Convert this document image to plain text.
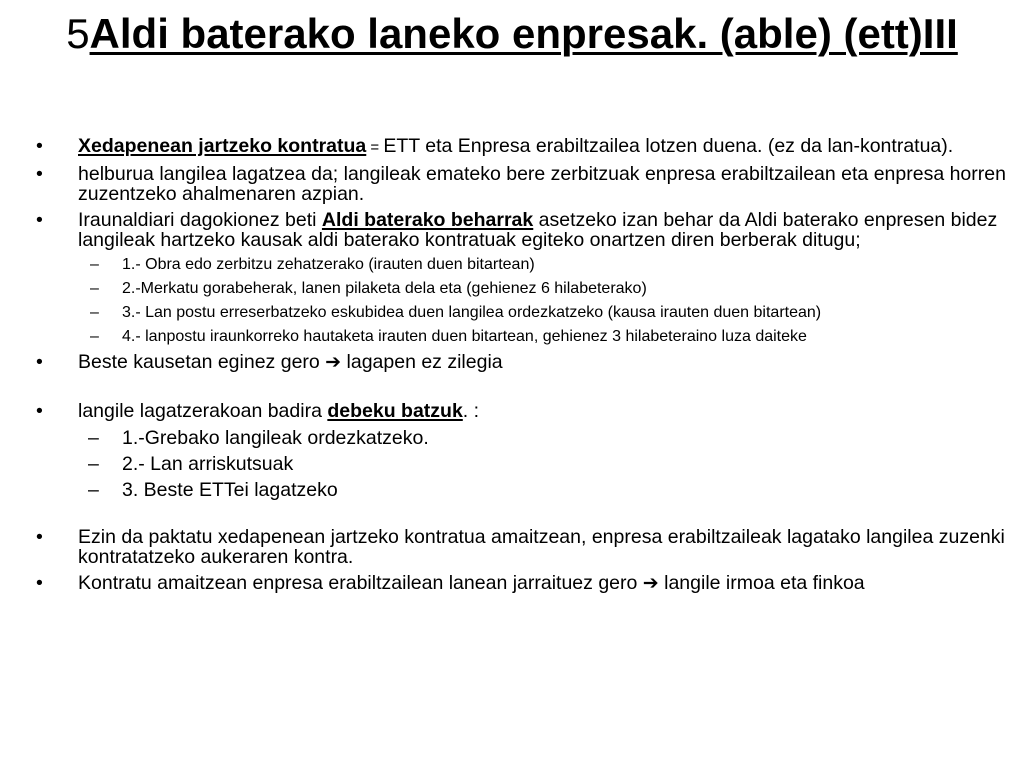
5Aldi baterako laneko enpresak. (able) (ett)III
• Xedapenean jartzeko kontratua = ETT eta Enpresa erabiltzailea lotzen duena. (ez da lan-kontratua).
• helburua langilea lagatzea da; langileak emateko bere zerbitzuak enpresa erabiltzailean eta enpresa horren zuzentzeko ahalmenaren azpian.
• Iraunaldiari dagokionez beti Aldi baterako beharrak asetzeko izan behar da Aldi baterako enpresen bidez langileak hartzeko kausak aldi baterako kontratuak egiteko onartzen diren berberak ditugu;
– 1.- Obra edo zerbitzu zehatzerako (irauten duen bitartean)
– 2.-Merkatu gorabeherak, lanen pilaketa dela eta (gehienez 6 hilabeterako)
– 3.- Lan postu erreserbatzeko eskubidea duen langilea ordezkatzeko (kausa irauten duen bitartean)
– 4.- lanpostu iraunkorreko hautaketa irauten duen bitartean, gehienez 3 hilabeteraino luza daiteke
• Beste kausetan eginez gero ➔ lagapen ez zilegia
• langile lagatzerakoan badira debeku batzuk. :
– 1.-Grebako langileak ordezkatzeko.
– 2.- Lan arriskutsuak
– 3. Beste ETTei lagatzeko
• Ezin da paktatu xedapenean jartzeko kontratua amaitzean, enpresa erabiltzaileak lagatako langilea zuzenki kontratatzeko aukeraren kontra.
• Kontratu amaitzean enpresa erabiltzailean lanean jarraituez gero ➔ langile irmoa eta finkoa
